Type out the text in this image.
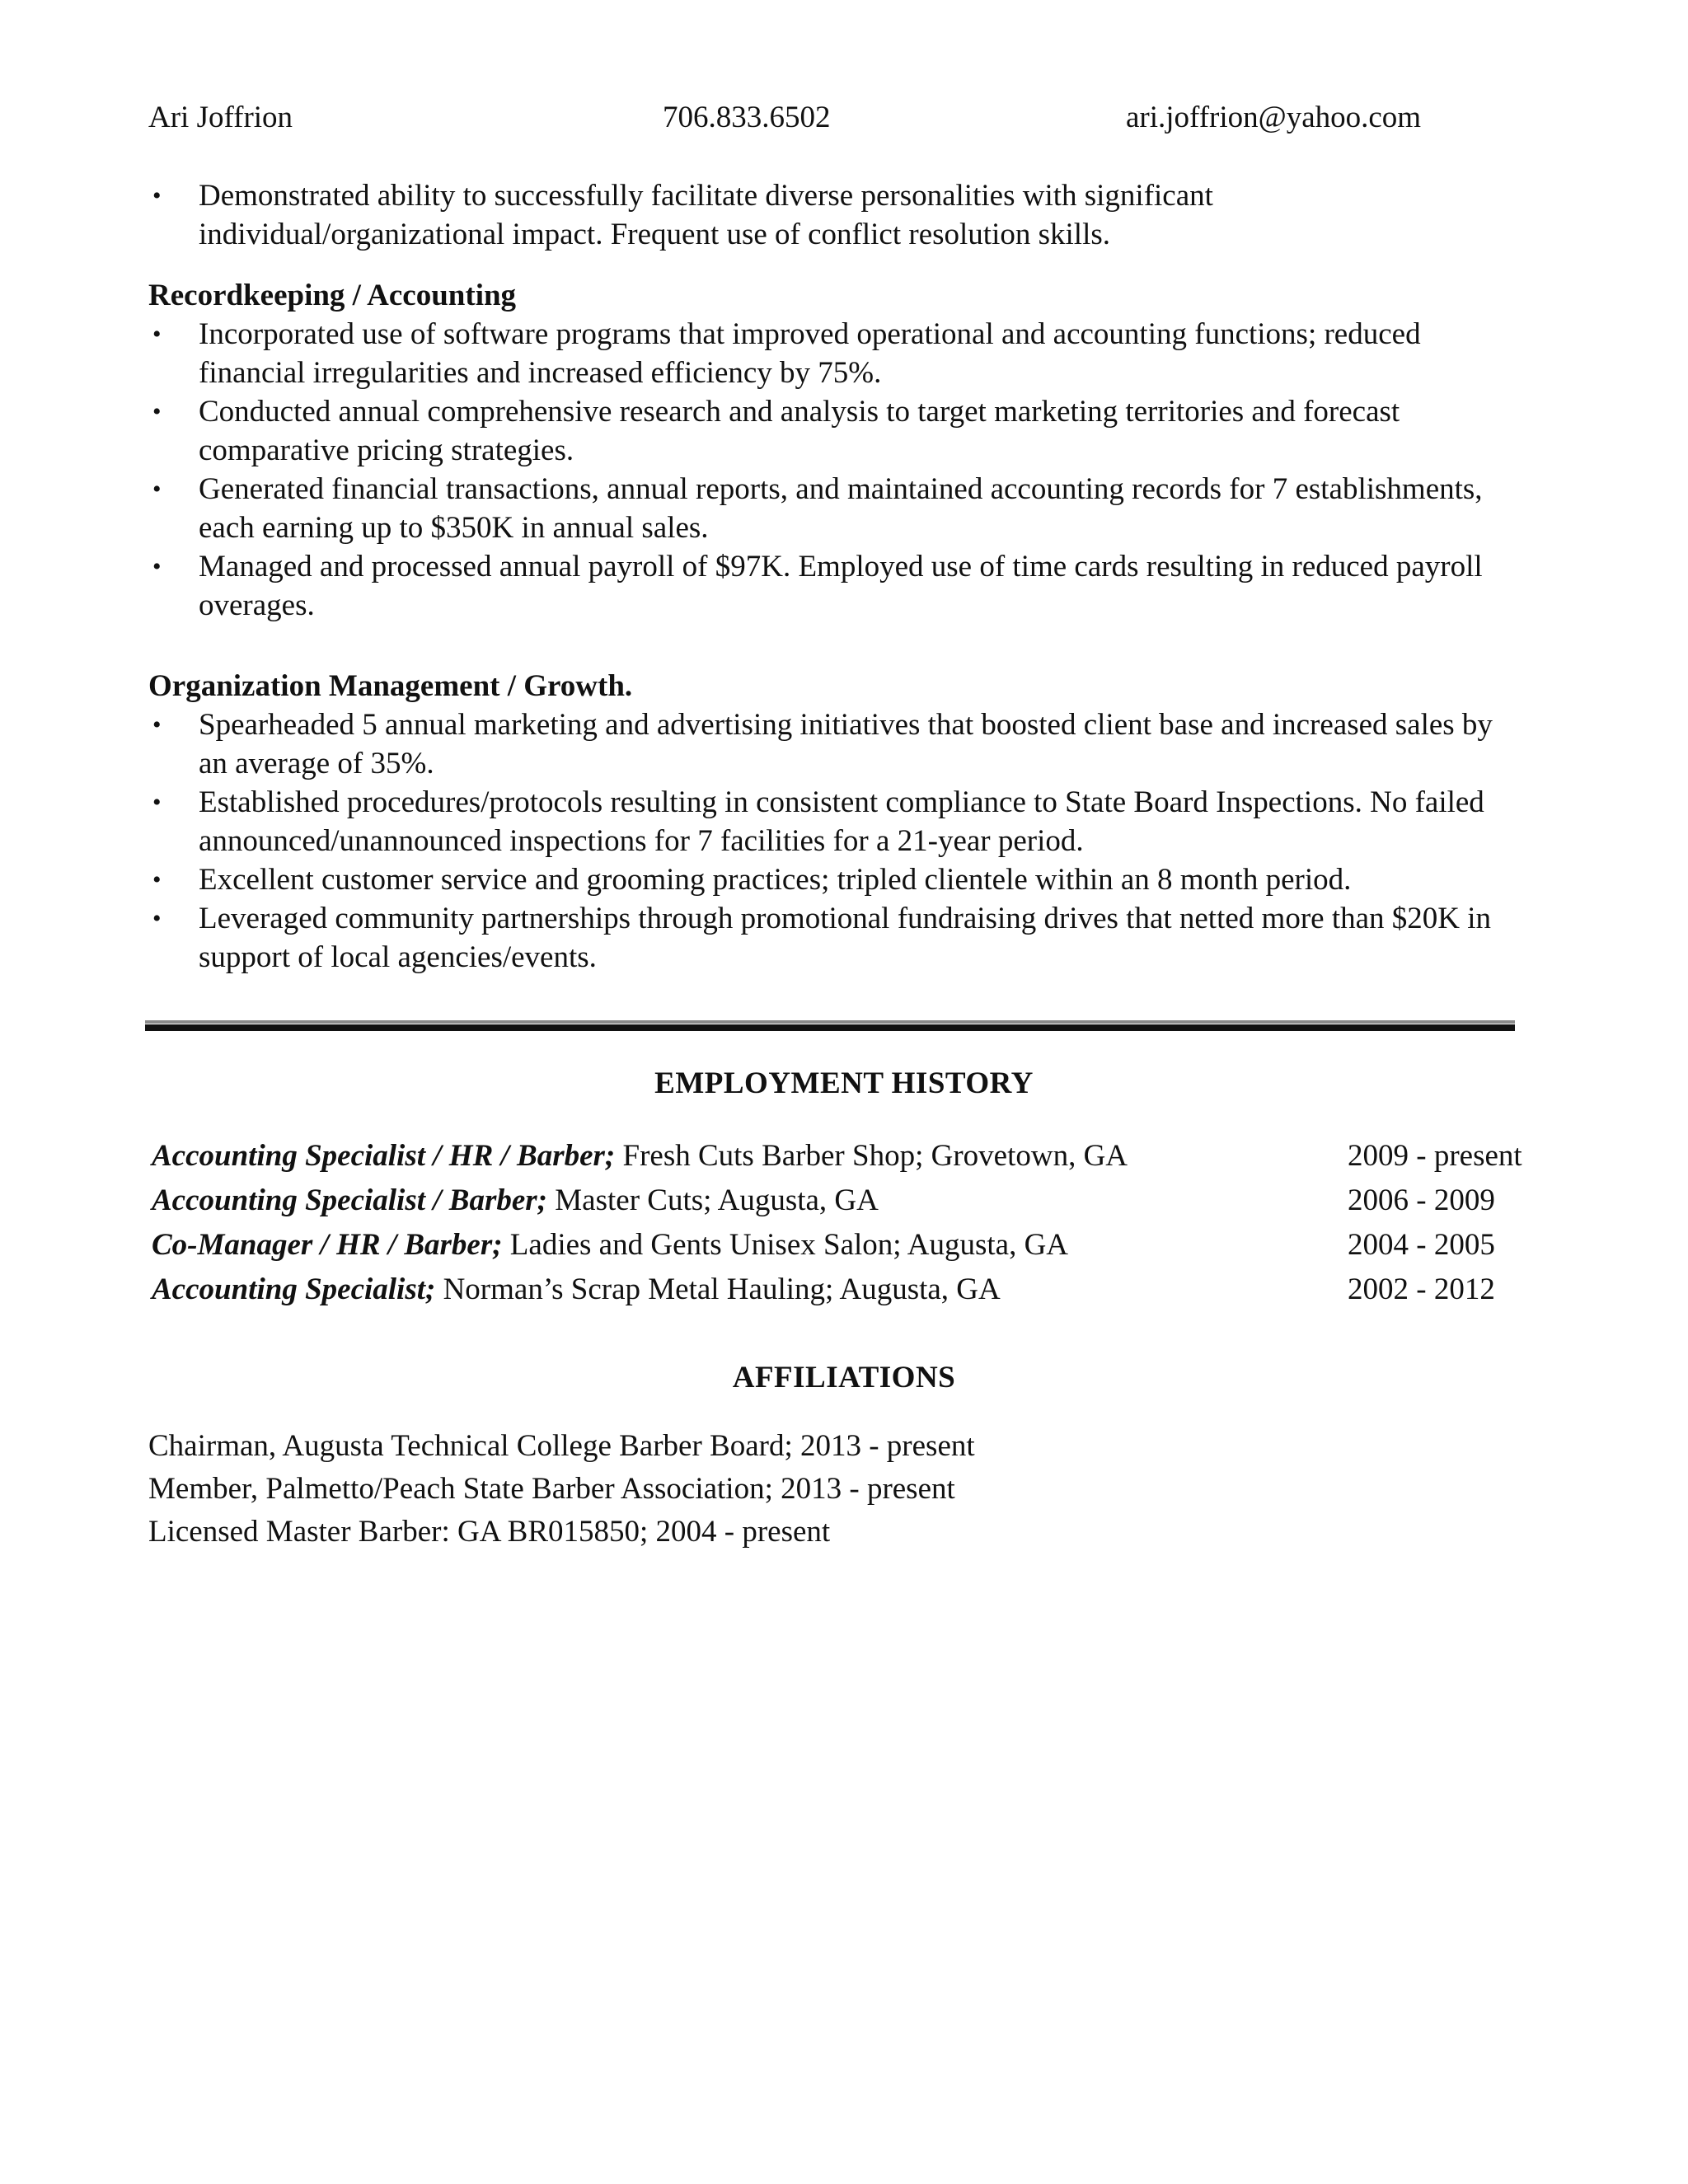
Ari Joffrion	706.833.6502	ari.joffrion@yahoo.com
• Demonstrated ability to successfully facilitate diverse personalities with significant individual/organizational impact. Frequent use of conflict resolution skills.
Recordkeeping / Accounting
• Incorporated use of software programs that improved operational and accounting functions; reduced financial irregularities and increased efficiency by 75%.
• Conducted annual comprehensive research and analysis to target marketing territories and forecast comparative pricing strategies.
• Generated financial transactions, annual reports, and maintained accounting records for 7 establishments, each earning up to $350K in annual sales.
• Managed and processed annual payroll of $97K. Employed use of time cards resulting in reduced payroll overages.
Organization Management / Growth.
• Spearheaded 5 annual marketing and advertising initiatives that boosted client base and increased sales by an average of 35%.
• Established procedures/protocols resulting in consistent compliance to State Board Inspections. No failed announced/unannounced inspections for 7 facilities for a 21-year period.
• Excellent customer service and grooming practices; tripled clientele within an 8 month period.
• Leveraged community partnerships through promotional fundraising drives that netted more than $20K in support of local agencies/events.
EMPLOYMENT HISTORY
Accounting Specialist / HR / Barber; Fresh Cuts Barber Shop; Grovetown, GA	2009 - present
Accounting Specialist / Barber; Master Cuts; Augusta, GA	2006 - 2009
Co-Manager / HR / Barber; Ladies and Gents Unisex Salon; Augusta, GA	2004 - 2005
Accounting Specialist; Norman’s Scrap Metal Hauling; Augusta, GA	2002 - 2012
AFFILIATIONS
Chairman, Augusta Technical College Barber Board; 2013 - present
Member, Palmetto/Peach State Barber Association; 2013 - present
Licensed Master Barber: GA BR015850; 2004 - present
